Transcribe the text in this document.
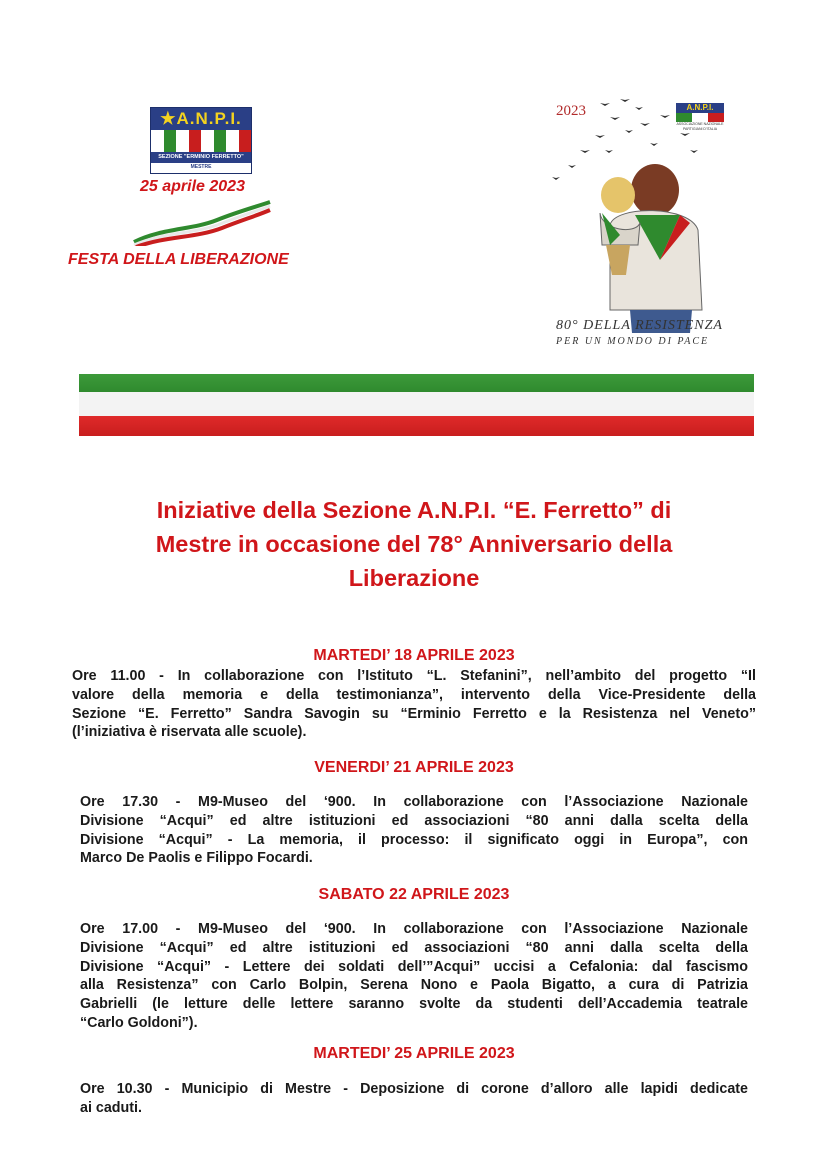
★A.N.P.I.
SEZIONE "ERMINIO FERRETTO"
MESTRE
25 aprile 2023
FESTA DELLA LIBERAZIONE
2023	A.N.P.I.
ASSOCIAZIONE NAZIONALE PARTIGIANI D'ITALIA
80° DELLA RESISTENZA
PER UN MONDO DI PACE
Iniziative della Sezione A.N.P.I. “E. Ferretto” di
Mestre in occasione del 78° Anniversario della
Liberazione
MARTEDI’ 18 APRILE 2023
Ore 11.00 - In collaborazione con l’Istituto “L. Stefanini”, nell’ambito del progetto “Il
valore della memoria e della testimonianza”, intervento della Vice-Presidente della
Sezione “E. Ferretto” Sandra Savogin su “Erminio Ferretto e la Resistenza nel Veneto”
(l’iniziativa è riservata alle scuole).
VENERDI’ 21 APRILE 2023
Ore 17.30 - M9-Museo del ‘900. In collaborazione con l’Associazione Nazionale
Divisione “Acqui” ed altre istituzioni ed associazioni “80 anni dalla scelta della
Divisione “Acqui” - La memoria, il processo: il significato oggi in Europa”, con
Marco De Paolis e Filippo Focardi.
SABATO 22 APRILE 2023
Ore 17.00 - M9-Museo del ‘900. In collaborazione con l’Associazione Nazionale
Divisione “Acqui” ed altre istituzioni ed associazioni “80 anni dalla scelta della
Divisione “Acqui” - Lettere dei soldati dell’”Acqui” uccisi a Cefalonia: dal fascismo
alla Resistenza” con Carlo Bolpin, Serena Nono e Paola Bigatto, a cura di Patrizia
Gabrielli (le letture delle lettere saranno svolte da studenti dell’Accademia teatrale
“Carlo Goldoni”).
MARTEDI’ 25 APRILE 2023
Ore 10.30 - Municipio di Mestre - Deposizione di corone d’alloro alle lapidi dedicate
ai caduti.
